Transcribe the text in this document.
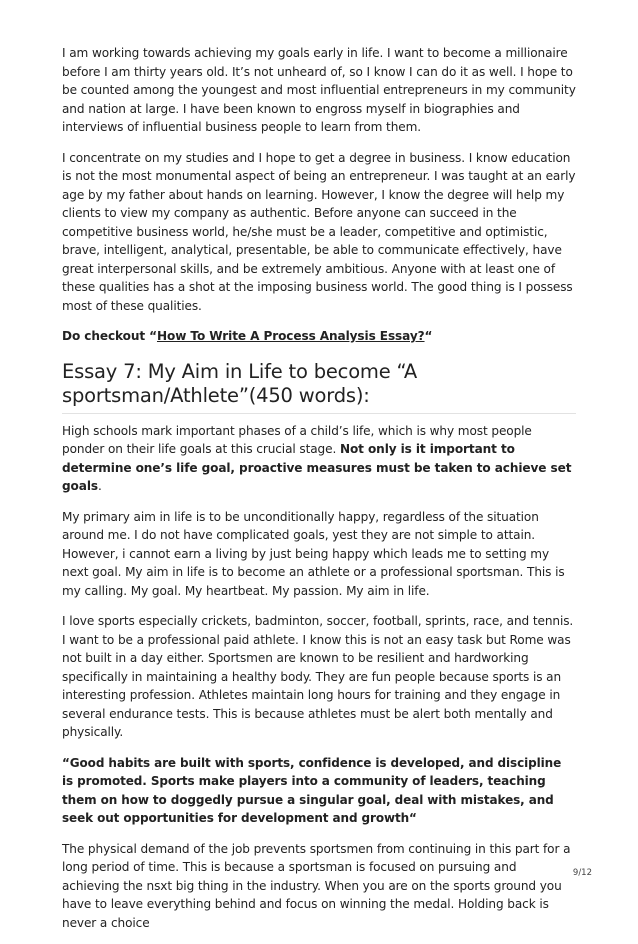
I am working towards achieving my goals early in life. I want to become a millionaire before I am thirty years old. It’s not unheard of, so I know I can do it as well. I hope to be counted among the youngest and most influential entrepreneurs in my community and nation at large. I have been known to engross myself in biographies and interviews of influential business people to learn from them.

I concentrate on my studies and I hope to get a degree in business. I know education is not the most monumental aspect of being an entrepreneur. I was taught at an early age by my father about hands on learning. However, I know the degree will help my clients to view my company as authentic. Before anyone can succeed in the competitive business world, he/she must be a leader, competitive and optimistic, brave, intelligent, analytical, presentable, be able to communicate effectively, have great interpersonal skills, and be extremely ambitious. Anyone with at least one of these qualities has a shot at the imposing business world. The good thing is I possess most of these qualities.

Do checkout “How To Write A Process Analysis Essay?“

Essay 7: My Aim in Life to become “A sportsman/Athlete”(450 words):

High schools mark important phases of a child’s life, which is why most people ponder on their life goals at this crucial stage. Not only is it important to determine one’s life goal, proactive measures must be taken to achieve set goals.

My primary aim in life is to be unconditionally happy, regardless of the situation around me. I do not have complicated goals, yest they are not simple to attain. However, i cannot earn a living by just being happy which leads me to setting my next goal. My aim in life is to become an athlete or a professional sportsman. This is my calling. My goal. My heartbeat. My passion. My aim in life.

I love sports especially crickets, badminton, soccer, football, sprints, race, and tennis. I want to be a professional paid athlete. I know this is not an easy task but Rome was not built in a day either. Sportsmen are known to be resilient and hardworking specifically in maintaining a healthy body. They are fun people because sports is an interesting profession. Athletes maintain long hours for training and they engage in several endurance tests. This is because athletes must be alert both mentally and physically.

“Good habits are built with sports, confidence is developed, and discipline is promoted. Sports make players into a community of leaders, teaching them on how to doggedly pursue a singular goal, deal with mistakes, and seek out opportunities for development and growth“

The physical demand of the job prevents sportsmen from continuing in this part for a long period of time. This is because a sportsman is focused on pursuing and achieving the nsxt big thing in the industry. When you are on the sports ground you have to leave everything behind and focus on winning the medal. Holding back is never a choice

9/12
